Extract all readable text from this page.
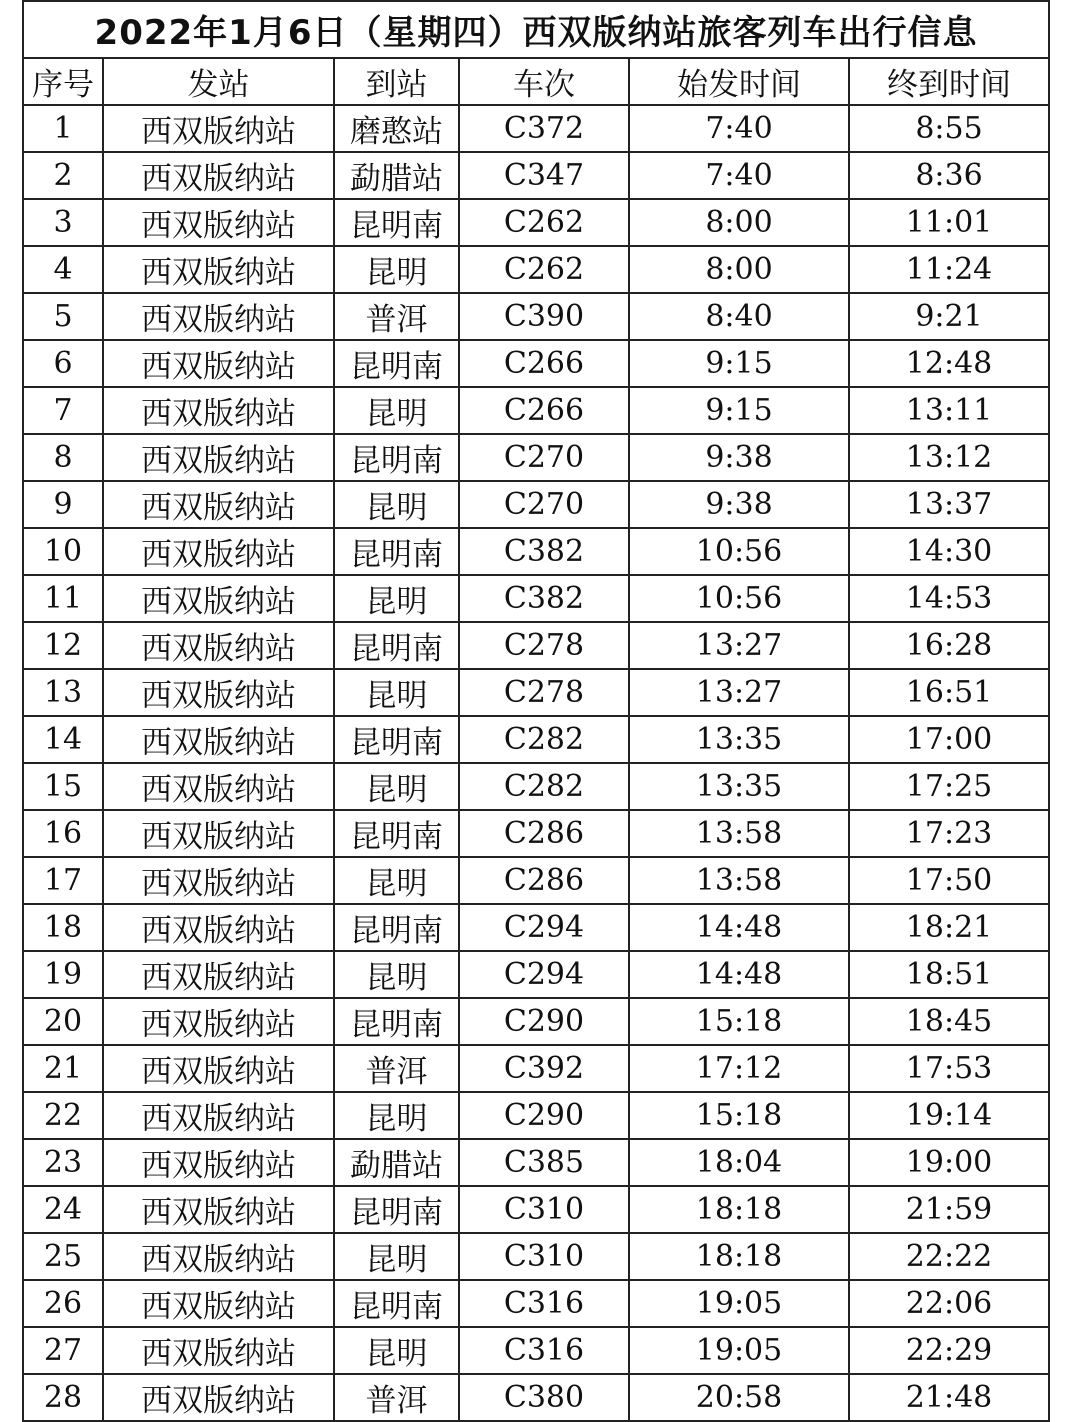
2022年1月6日（星期四）西双版纳站旅客列车出行信息					
序号	发站	到站	车次	始发时间	终到时间
1	西双版纳站	磨憨站	C372	7:40	8:55
2	西双版纳站	勐腊站	C347	7:40	8:36
3	西双版纳站	昆明南	C262	8:00	11:01
4	西双版纳站	昆明	C262	8:00	11:24
5	西双版纳站	普洱	C390	8:40	9:21
6	西双版纳站	昆明南	C266	9:15	12:48
7	西双版纳站	昆明	C266	9:15	13:11
8	西双版纳站	昆明南	C270	9:38	13:12
9	西双版纳站	昆明	C270	9:38	13:37
10	西双版纳站	昆明南	C382	10:56	14:30
11	西双版纳站	昆明	C382	10:56	14:53
12	西双版纳站	昆明南	C278	13:27	16:28
13	西双版纳站	昆明	C278	13:27	16:51
14	西双版纳站	昆明南	C282	13:35	17:00
15	西双版纳站	昆明	C282	13:35	17:25
16	西双版纳站	昆明南	C286	13:58	17:23
17	西双版纳站	昆明	C286	13:58	17:50
18	西双版纳站	昆明南	C294	14:48	18:21
19	西双版纳站	昆明	C294	14:48	18:51
20	西双版纳站	昆明南	C290	15:18	18:45
21	西双版纳站	普洱	C392	17:12	17:53
22	西双版纳站	昆明	C290	15:18	19:14
23	西双版纳站	勐腊站	C385	18:04	19:00
24	西双版纳站	昆明南	C310	18:18	21:59
25	西双版纳站	昆明	C310	18:18	22:22
26	西双版纳站	昆明南	C316	19:05	22:06
27	西双版纳站	昆明	C316	19:05	22:29
28	西双版纳站	普洱	C380	20:58	21:48
